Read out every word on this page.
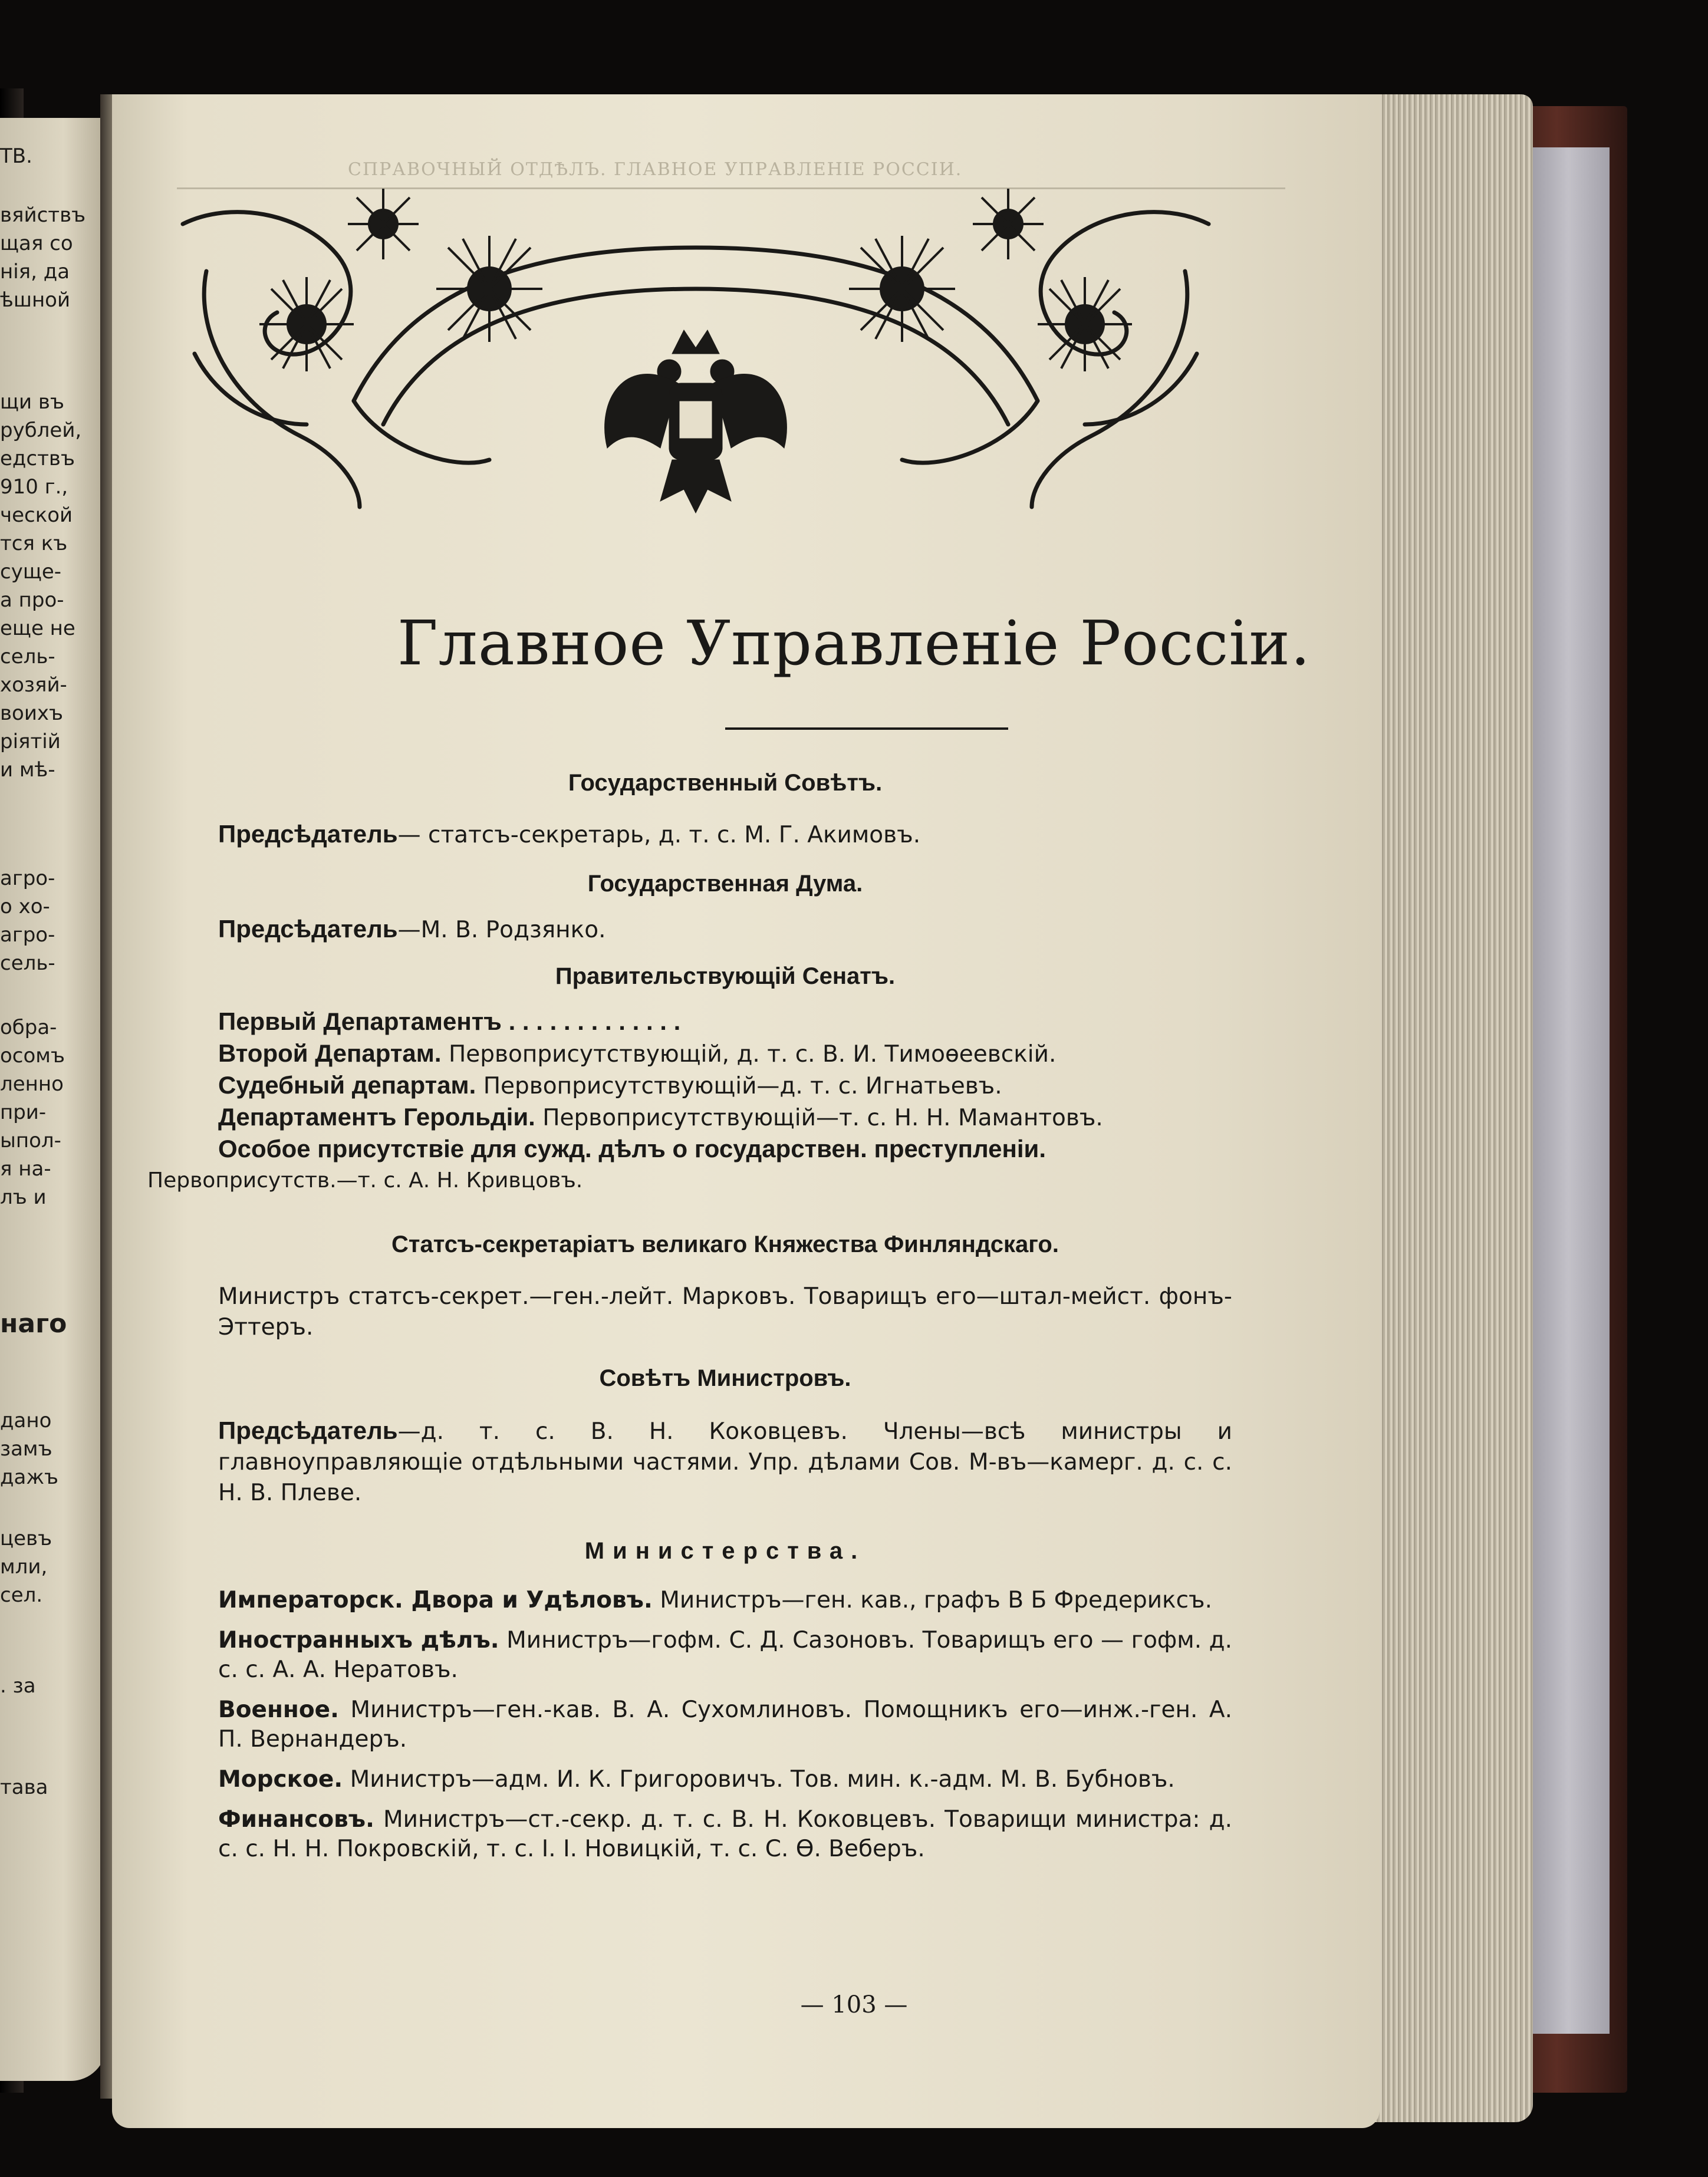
ТВ.
вяйствъ
щая со
нія, да
ѣшной
щи въ
рублей,
едствъ
910 г.,
ческой
тся къ
суще-
а про-
еще не
сель-
хозяй-
воихъ
ріятій
и мѣ-
агро-
о хо-
агро-
сель-
обра-
осомъ
ленно
при-
ыпол-
я на-
лъ и
наго
дано
замъ
дажъ
цевъ
мли,
сел.
. за
тава
СПРАВОЧНЫЙ ОТДѢЛЪ. ГЛАВНОЕ УПРАВЛЕНІЕ РОССІИ.
Главное Управленіе Россіи.

Государственный Совѣтъ.

Предсѣдатель— статсъ-секретарь, д. т. с. М. Г. Акимовъ.

Государственная Дума.

Предсѣдатель—М. В. Родзянко.

Правительствующій Сенатъ.

Первый Департаментъ . . . . . . . . . . . . .

Второй Департам. Первоприсутствующій, д. т. с. В. И. Тимоѳеевскій.

Судебный департам. Первоприсутствующій—д. т. с. Игнатьевъ.

Департаментъ Герольдіи. Первоприсутствующій—т. с. Н. Н. Мамантовъ.

Особое присутствіе для сужд. дѣлъ о государствен. преступленіи.

Первоприсутств.—т. с. А. Н. Кривцовъ.

Статсъ-секретаріатъ великаго Княжества Финляндскаго.

Министръ статсъ-секрет.—ген.-лейт. Марковъ. Товарищъ его—штал-мейст. фонъ-Эттеръ.

Совѣтъ Министровъ.

Предсѣдатель—д. т. с. В. Н. Коковцевъ. Члены—всѣ министры и главноуправляющіе отдѣльными частями. Упр. дѣлами Сов. М-въ—камерг. д. с. с. Н. В. Плеве.

Министерства.

Императорск. Двора и Удѣловъ. Министръ—ген. кав., графъ В Б Фредериксъ.

Иностранныхъ дѣлъ. Министръ—гофм. С. Д. Сазоновъ. Товарищъ его — гофм. д. с. с. А. А. Нератовъ.

Военное. Министръ—ген.-кав. В. А. Сухомлиновъ. Помощникъ его—инж.-ген. А. П. Вернандеръ.

Морское. Министръ—адм. И. К. Григоровичъ. Тов. мин. к.-адм. М. В. Бубновъ.

Финансовъ. Министръ—ст.-секр. д. т. с. В. Н. Коковцевъ. Товарищи министра: д. с. с. Н. Н. Покровскій, т. с. І. І. Новицкій, т. с. С. Ѳ. Веберъ.

— 103 —
